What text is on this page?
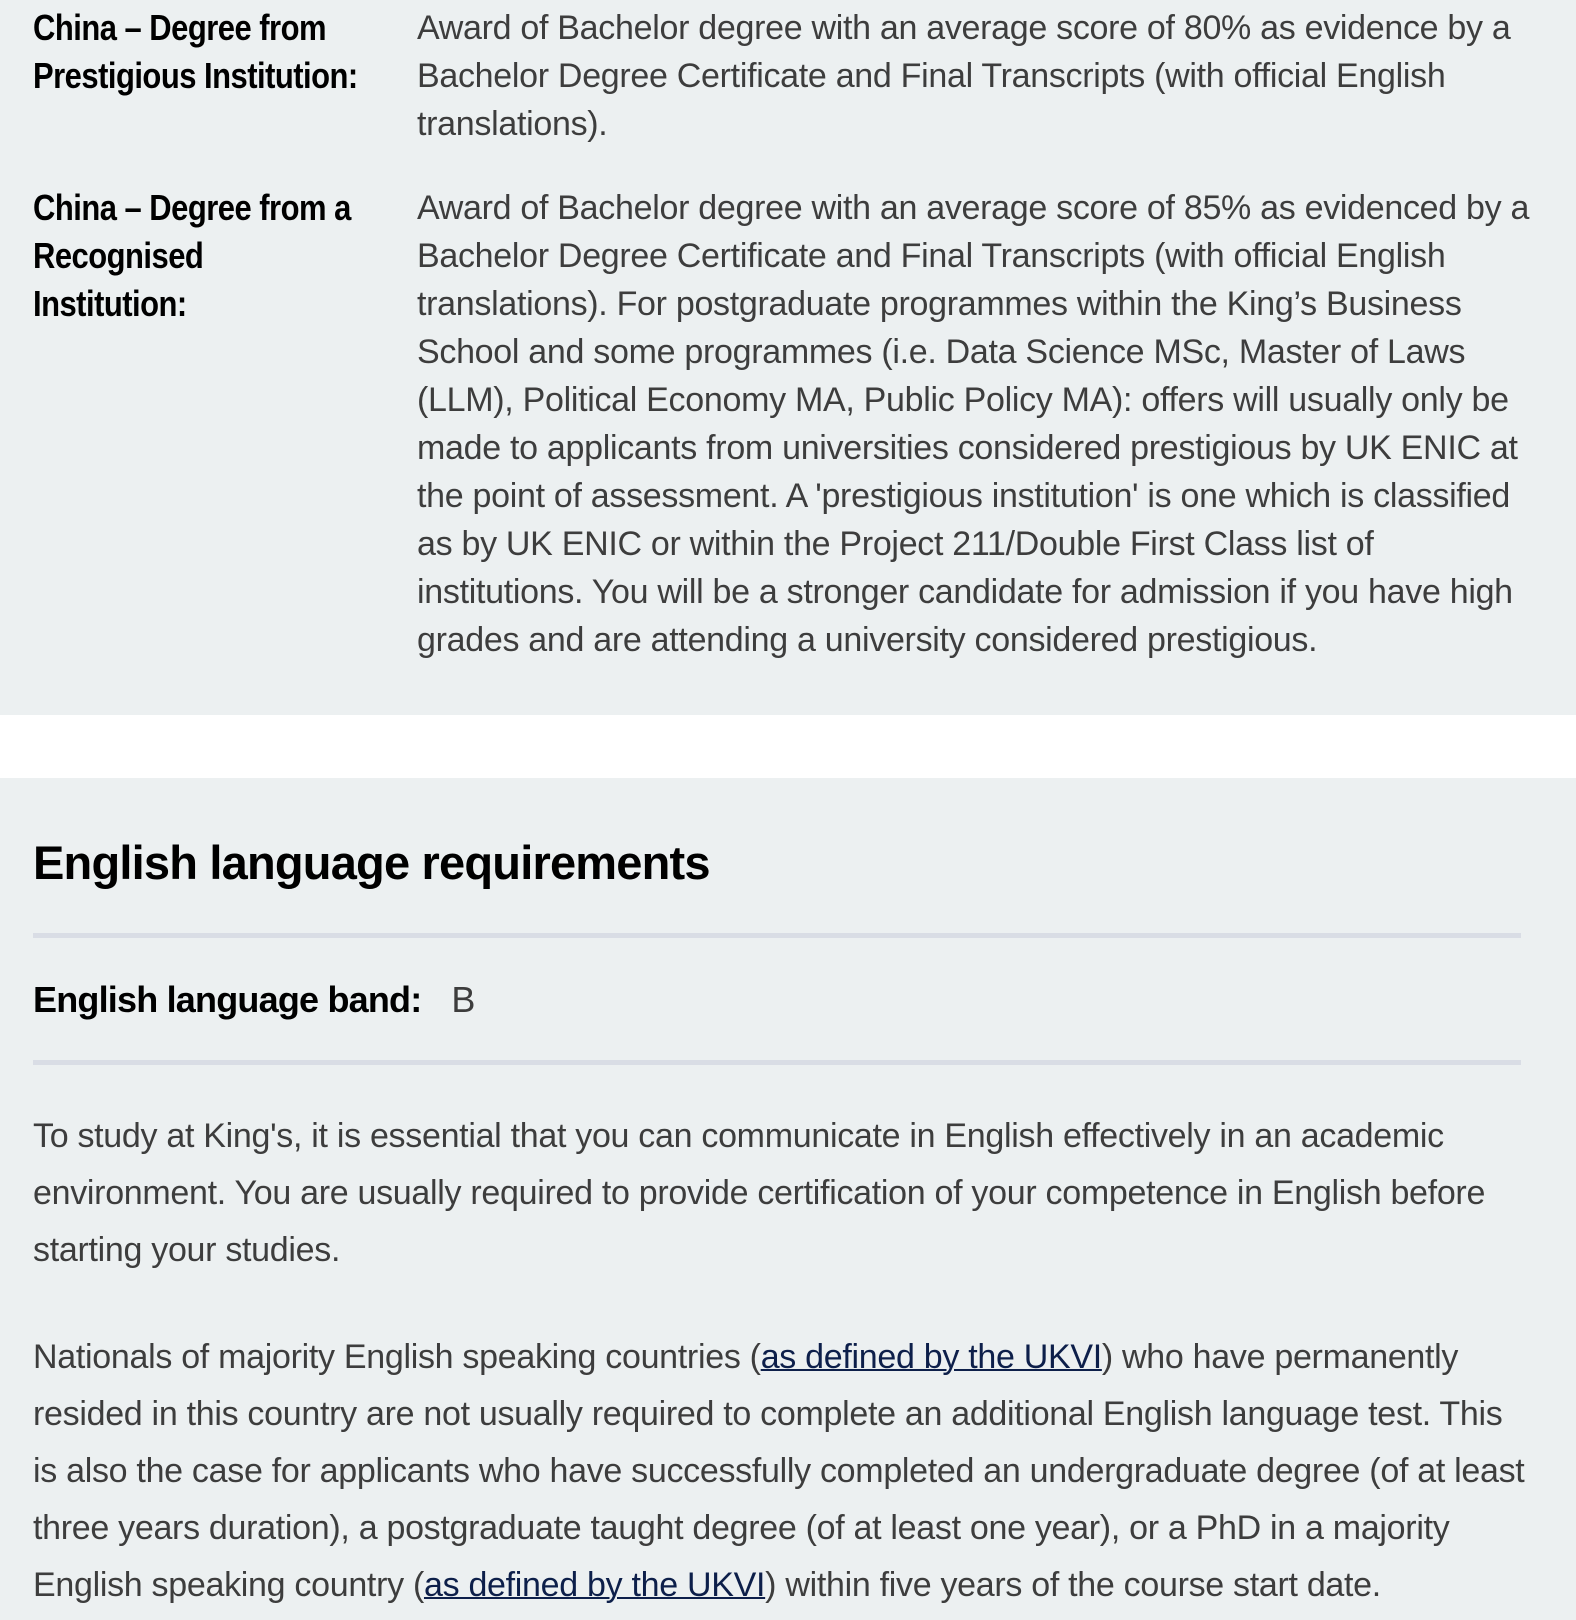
China – Degree from
Prestigious Institution:
Award of Bachelor degree with an average score of 80% as evidence by a Bachelor Degree Certificate and Final Transcripts (with official English translations).
China – Degree from a
Recognised Institution:
Award of Bachelor degree with an average score of 85% as evidenced by a Bachelor Degree Certificate and Final Transcripts (with official English translations). For postgraduate programmes within the King’s Business School and some programmes (i.e. Data Science MSc, Master of Laws (LLM), Political Economy MA, Public Policy MA): offers will usually only be made to applicants from universities considered prestigious by UK ENIC at the point of assessment. A 'prestigious institution' is one which is classified as by UK ENIC or within the Project 211/Double First Class list of institutions. You will be a stronger candidate for admission if you have high grades and are attending a university considered prestigious.
English language requirements
English language band: B

To study at King's, it is essential that you can communicate in English effectively in an academic environment. You are usually required to provide certification of your competence in English before starting your studies.

Nationals of majority English speaking countries (as defined by the UKVI) who have permanently resided in this country are not usually required to complete an additional English language test. This is also the case for applicants who have successfully completed an undergraduate degree (of at least three years duration), a postgraduate taught degree (of at least one year), or a PhD in a majority English speaking country (as defined by the UKVI) within five years of the course start date.
